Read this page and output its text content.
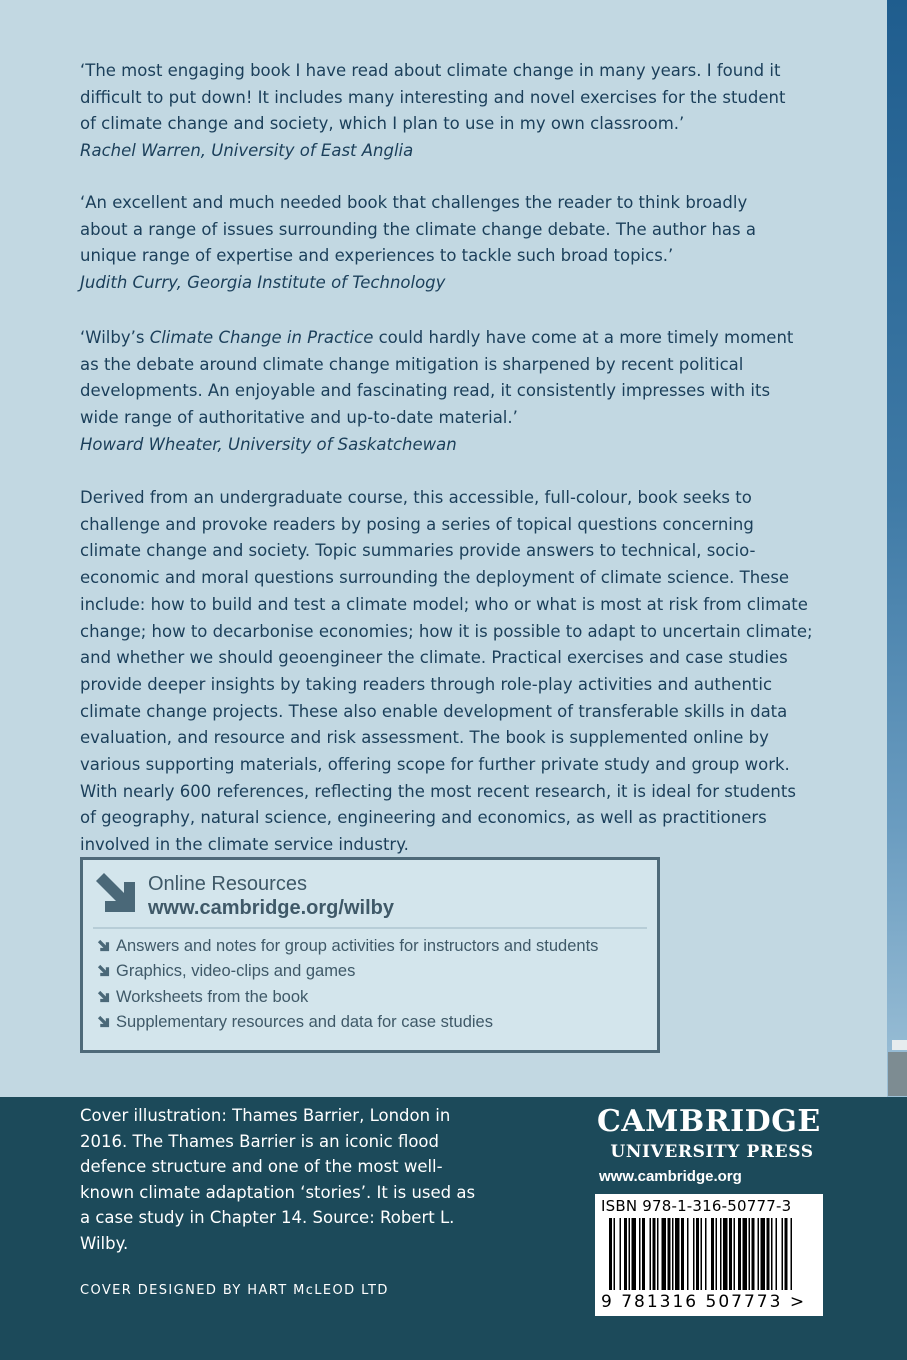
‘The most engaging book I have read about climate change in many years. I found it difficult to put down! It includes many interesting and novel exercises for the student of climate change and society, which I plan to use in my own classroom.’

Rachel Warren, University of East Anglia

‘An excellent and much needed book that challenges the reader to think broadly about a range of issues surrounding the climate change debate. The author has a unique range of expertise and experiences to tackle such broad topics.’

Judith Curry, Georgia Institute of Technology

‘Wilby’s Climate Change in Practice could hardly have come at a more timely moment as the debate around climate change mitigation is sharpened by recent political developments. An enjoyable and fascinating read, it consistently impresses with its wide range of authoritative and up-to-date material.’

Howard Wheater, University of Saskatchewan

Derived from an undergraduate course, this accessible, full-colour, book seeks to challenge and provoke readers by posing a series of topical questions concerning climate change and society. Topic summaries provide answers to technical, socio-economic and moral questions surrounding the deployment of climate science. These include: how to build and test a climate model; who or what is most at risk from climate change; how to decarbonise economies; how it is possible to adapt to uncertain climate; and whether we should geoengineer the climate. Practical exercises and case studies provide deeper insights by taking readers through role-play activities and authentic climate change projects. These also enable development of transferable skills in data evaluation, and resource and risk assessment. The book is supplemented online by various supporting materials, offering scope for further private study and group work. With nearly 600 references, reflecting the most recent research, it is ideal for students of geography, natural science, engineering and economics, as well as practitioners involved in the climate service industry.

Online Resources
www.cambridge.org/wilby
Answers and notes for group activities for instructors and students
Graphics, video-clips and games
Worksheets from the book
Supplementary resources and data for case studies

Cover illustration: Thames Barrier, London in 2016. The Thames Barrier is an iconic flood defence structure and one of the most well-known climate adaptation ‘stories’. It is used as a case study in Chapter 14. Source: Robert L. Wilby.

COVER DESIGNED BY HART McLEOD LTD
CAMBRIDGE
UNIVERSITY PRESS
www.cambridge.org
ISBN 978-1-316-50777-3
9 781316 507773 >
